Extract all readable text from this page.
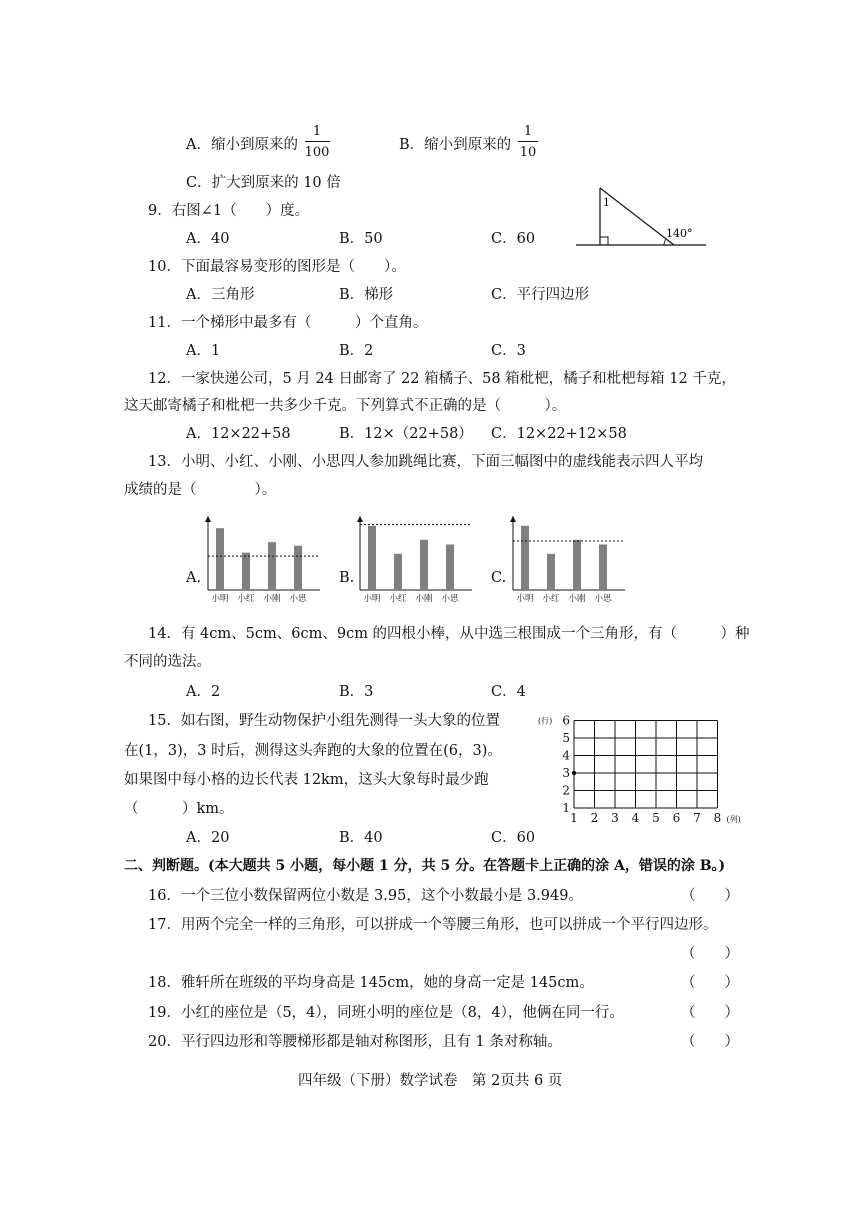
A．缩小到原来的
1
100	B．缩小到原来的
1
10
C．扩大到原来的 10 倍
9．右图∠1（　　）度。
A．40	B．50	C．60
1
140°
10．下面最容易变形的图形是（　　）。
A．三角形	B．梯形	C．平行四边形
11．一个梯形中最多有（　　　）个直角。
A．1	B．2	C．3
12．一家快递公司，5 月 24 日邮寄了 22 箱橘子、58 箱枇杷，橘子和枇杷每箱 12 千克，
这天邮寄橘子和枇杷一共多少千克。下列算式不正确的是（　　　）。
A．12×22+58	B．12×（22+58） C．12×22+12×58
13．小明、小红、小刚、小思四人参加跳绳比赛，下面三幅图中的虚线能表示四人平均
成绩的是（　　　　）。
A.	B.	C.
小明 小红 小刚 小思	小明 小红 小刚 小思	小明 小红 小刚 小思
14．有 4cm、5cm、6cm、9cm 的四根小棒，从中选三根围成一个三角形，有（　　　）种
不同的选法。
A．2	B．3	C．4
15．如右图，野生动物保护小组先测得一头大象的位置
在(1，3)，3 时后，测得这头奔跑的大象的位置在(6，3)。
如果图中每小格的边长代表 12km，这头大象每时最少跑
（　　　）km。
A．20	B．40	C．60
1 2 3 4 5 6 7 8
1
2
3
4
5
6
(行)
(列)
二、判断题。(本大题共 5 小题，每小题 1 分，共 5 分。在答题卡上正确的涂 A，错误的涂 B。)
16．一个三位小数保留两位小数是 3.95，这个小数最小是 3.949。	（　　）
17．用两个完全一样的三角形，可以拼成一个等腰三角形，也可以拼成一个平行四边形。
（　　）
18．雅轩所在班级的平均身高是 145cm，她的身高一定是 145cm。	（　　）
19．小红的座位是（5，4），同班小明的座位是（8，4），他俩在同一行。	（　　）
20．平行四边形和等腰梯形都是轴对称图形，且有 1 条对称轴。	（　　）
四年级（下册）数学试卷　第 2页共 6 页
